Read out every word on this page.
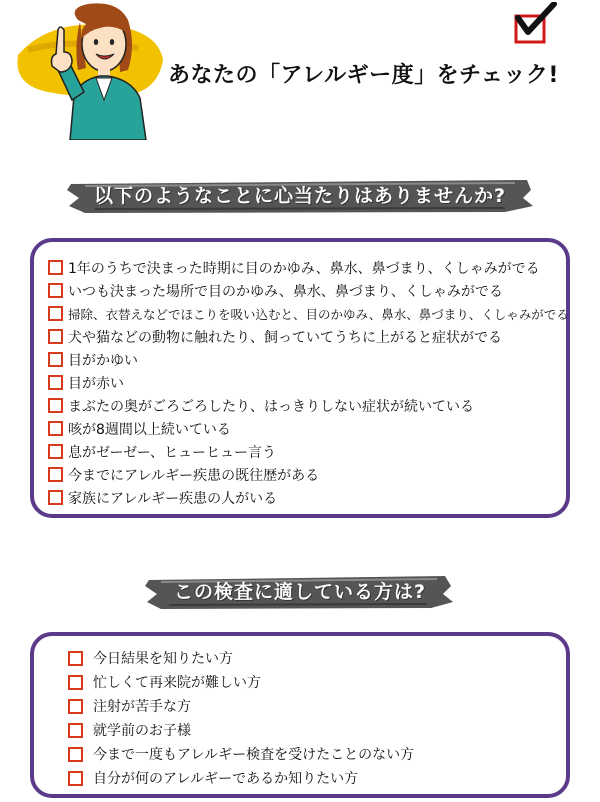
あなたの「アレルギー度」をチェック!
以下のようなことに心当たりはありませんか?
1年のうちで決まった時期に目のかゆみ、鼻水、鼻づまり、くしゃみがでる
いつも決まった場所で目のかゆみ、鼻水、鼻づまり、くしゃみがでる
掃除、衣替えなどでほこりを吸い込むと、目のかゆみ、鼻水、鼻づまり、くしゃみがでる
犬や猫などの動物に触れたり、飼っていてうちに上がると症状がでる
目がかゆい
目が赤い
まぶたの奥がごろごろしたり、はっきりしない症状が続いている
咳が8週間以上続いている
息がゼーゼー、ヒューヒュー言う
今までにアレルギー疾患の既往歴がある
家族にアレルギー疾患の人がいる
この検査に適している方は?
今日結果を知りたい方
忙しくて再来院が難しい方
注射が苦手な方
就学前のお子様
今まで一度もアレルギー検査を受けたことのない方
自分が何のアレルギーであるか知りたい方
